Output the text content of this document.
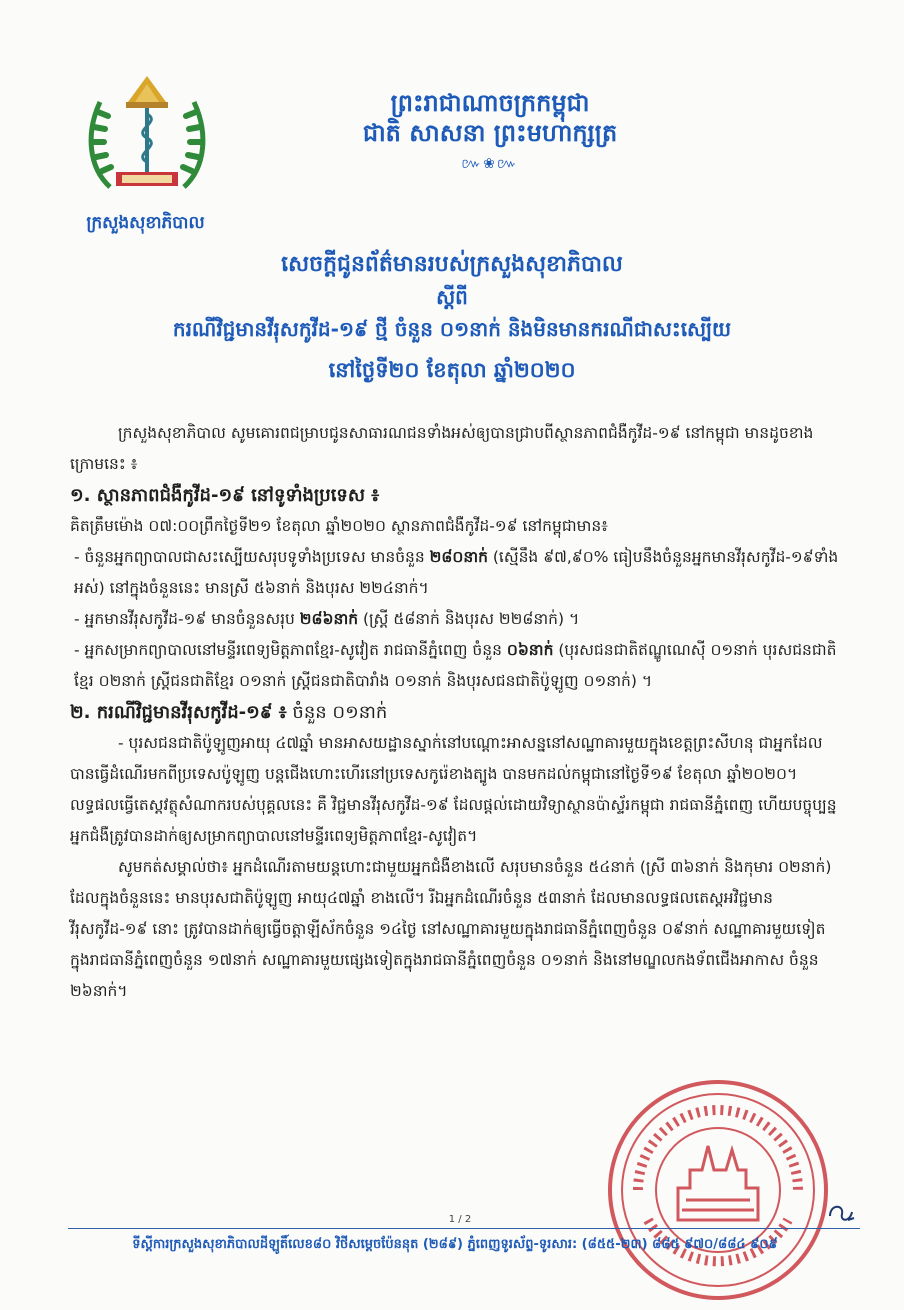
ក្រសួងសុខាភិបាល
ព្រះរាជាណាចក្រកម្ពុជា
ជាតិ សាសនា ព្រះមហាក្សត្រ
៚❀៚
សេចក្តីជូនព័ត៌មានរបស់ក្រសួងសុខាភិបាល
ស្តីពី
ករណីវិជ្ជមានវីរុសកូវីដ-១៩ ថ្មី ចំនួន ០១នាក់ និងមិនមានករណីជាសះស្បើយ
នៅថ្ងៃទី២០ ខែតុលា ឆ្នាំ២០២០

ក្រសួងសុខាភិបាល សូមគោរពជម្រាបជូនសាធារណជនទាំងអស់ឲ្យបានជ្រាបពីស្ថានភាពជំងឺកូវីដ-១៩ នៅកម្ពុជា មានដូចខាងក្រោមនេះ ៖

១. ស្ថានភាពជំងឺកូវីដ-១៩ នៅទូទាំងប្រទេស ៖

គិតត្រឹមម៉ោង ០៧:០០ព្រឹកថ្ងៃទី២១ ខែតុលា ឆ្នាំ២០២០ ស្ថានភាពជំងឺកូវីដ-១៩ នៅកម្ពុជាមាន៖

- ចំនួនអ្នកព្យាបាលជាសះស្បើយសរុបទូទាំងប្រទេស មានចំនួន ២៨០នាក់ (ស្មើនឹង ៩៧,៩០% ធៀបនឹងចំនួនអ្នកមានវីរុសកូវីដ-១៩ទាំងអស់) នៅក្នុងចំនួននេះ មានស្រី ៥៦នាក់ និងបុរស ២២៤នាក់។

- អ្នកមានវីរុសកូវីដ-១៩ មានចំនួនសរុប ២៨៦នាក់ (ស្ត្រី ៥៨នាក់ និងបុរស ២២៨នាក់) ។

- អ្នកសម្រាកព្យាបាលនៅមន្ទីរពេទ្យមិត្តភាពខ្មែរ-សូវៀត រាជធានីភ្នំពេញ ចំនួន ០៦នាក់ (បុរសជនជាតិឥណ្ឌូណេស៊ី ០១នាក់ បុរសជនជាតិខ្មែរ ០២នាក់ ស្ត្រីជនជាតិខ្មែរ ០១នាក់ ស្ត្រីជនជាតិបារាំង ០១នាក់ និងបុរសជនជាតិប៉ូឡូញ ០១នាក់) ។

២. ករណីវិជ្ជមានវីរុសកូវីដ-១៩ ៖ ចំនួន ០១នាក់

- បុរសជនជាតិប៉ូឡូញអាយុ ៤៧ឆ្នាំ មានអាសយដ្ឋានស្នាក់នៅបណ្តោះអាសន្ននៅសណ្ឋាគារមួយក្នុងខេត្តព្រះសីហនុ ជាអ្នកដែលបានធ្វើដំណើរមកពីប្រទេសប៉ូឡូញ បន្តជើងហោះហើរនៅប្រទេសកូរ៉េខាងត្បូង បានមកដល់កម្ពុជានៅថ្ងៃទី១៩ ខែតុលា ឆ្នាំ២០២០។ លទ្ធផលធ្វើតេស្តវត្ថុសំណាករបស់បុគ្គលនេះ គឺ វិជ្ជមានវីរុសកូវីដ-១៩ ដែលផ្តល់ដោយវិទ្យាស្ថានប៉ាស្ទ័រកម្ពុជា រាជធានីភ្នំពេញ ហើយបច្ចុប្បន្ន អ្នកជំងឺត្រូវបានដាក់ឲ្យសម្រាកព្យាបាលនៅមន្ទីរពេទ្យមិត្តភាពខ្មែរ-សូវៀត។

សូមកត់សម្គាល់ថា៖ អ្នកដំណើរតាមយន្តហោះជាមួយអ្នកជំងឺខាងលើ សរុបមានចំនួន ៥៤នាក់ (ស្រី ៣៦នាក់ និងកុមារ ០២នាក់) ដែលក្នុងចំនួននេះ មានបុរសជាតិប៉ូឡូញ អាយុ៤៧ឆ្នាំ ខាងលើ។ រីឯអ្នកដំណើរចំនួន ៥៣នាក់ ដែលមានលទ្ធផលតេស្តអវិជ្ជមានវីរុសកូវីដ-១៩ នោះ ត្រូវបានដាក់ឲ្យធ្វើចត្តាឡីស័កចំនួន ១៤ថ្ងៃ នៅសណ្ឋាគារមួយក្នុងរាជធានីភ្នំពេញចំនួន ០៩នាក់ សណ្ឋាគារមួយទៀតក្នុងរាជធានីភ្នំពេញចំនួន ១៧នាក់ សណ្ឋាគារមួយផ្សេងទៀតក្នុងរាជធានីភ្នំពេញចំនួន ០១នាក់ និងនៅមណ្ឌលកងទ័ពជើងអាកាស ចំនួន ២៦នាក់។

1 / 2
ទីស្តីការក្រសួងសុខាភិបាលដីឡូតិ៍លេខ៨០ វិថីសម្តេចប៉ែននុត (២៨៩) ភ្នំពេញទូរស័ព្ទ-ទូរសារ: (៨៥៥-២៣) ៨៨៥ ៩៧០/៨៨៤ ៩០៩
